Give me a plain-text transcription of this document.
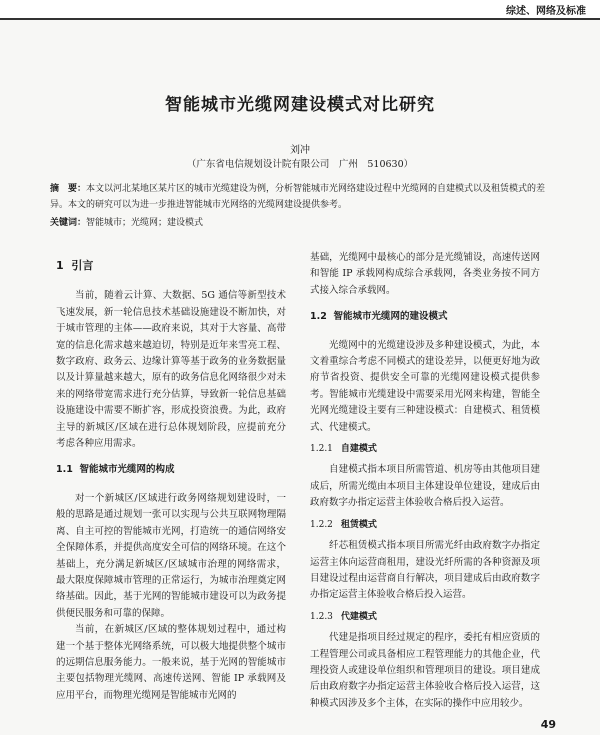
综述、网络及标准
智能城市光缆网建设模式对比研究
刘冲
（广东省电信规划设计院有限公司　广州　510630）
摘　要：本文以河北某地区某片区的城市光缆建设为例，分析智能城市光网络建设过程中光缆网的自建模式以及租赁模式的差异。本文的研究可以为进一步推进智能城市光网络的光缆网建设提供参考。
关键词：智能城市；光缆网；建设模式
1 引言

当前，随着云计算、大数据、5G 通信等新型技术飞速发展，新一轮信息技术基础设施建设不断加快，对于城市管理的主体——政府来说，其对于大容量、高带宽的信息化需求越来越迫切，特别是近年来雪亮工程、数字政府、政务云、边缘计算等基于政务的业务数据量以及计算量越来越大，原有的政务信息化网络很少对未来的网络带宽需求进行充分估算，导致新一轮信息基础设施建设中需要不断扩容，形成投资浪费。为此，政府主导的新城区/区域在进行总体规划阶段，应提前充分考虑各种应用需求。

1.1 智能城市光缆网的构成

对一个新城区/区域进行政务网络规划建设时，一般的思路是通过规划一张可以实现与公共互联网物理隔离、自主可控的智能城市光网，打造统一的通信网络安全保障体系，并提供高度安全可信的网络环境。在这个基础上，充分满足新城区/区域城市治理的网络需求，最大限度保障城市管理的正常运行，为城市治理奠定网络基础。因此，基于光网的智能城市建设可以为政务提供便民服务和可靠的保障。

当前，在新城区/区域的整体规划过程中，通过构建一个基于整体光网络系统，可以极大地提供整个城市的远期信息服务能力。一般来说，基于光网的智能城市主要包括物理光缆网、高速传送网、智能 IP 承载网及应用平台，而物理光缆网是智能城市光网的

基础，光缆网中最核心的部分是光缆铺设，高速传送网和智能 IP 承载网构成综合承载网，各类业务按不同方式接入综合承载网。

1.2 智能城市光缆网的建设模式

光缆网中的光缆建设涉及多种建设模式，为此，本文着重综合考虑不同模式的建设差异，以便更好地为政府节省投资、提供安全可靠的光缆网建设模式提供参考。智能城市光缆建设中需要采用光网来构建，智能全光网光缆建设主要有三种建设模式：自建模式、租赁模式、代建模式。

1.2.1 自建模式

自建模式指本项目所需管道、机房等由其他项目建成后，所需光缆由本项目主体建设单位建设，建成后由政府数字办指定运营主体验收合格后投入运营。

1.2.2 租赁模式

纤芯租赁模式指本项目所需光纤由政府数字办指定运营主体向运营商租用，建设光纤所需的各种资源及项目建设过程由运营商自行解决，项目建成后由政府数字办指定运营主体验收合格后投入运营。

1.2.3 代建模式

代建是指项目经过规定的程序，委托有相应资质的工程管理公司或具备相应工程管理能力的其他企业，代理投资人或建设单位组织和管理项目的建设。项目建成后由政府数字办指定运营主体验收合格后投入运营，这种模式因涉及多个主体，在实际的操作中应用较少。

49
